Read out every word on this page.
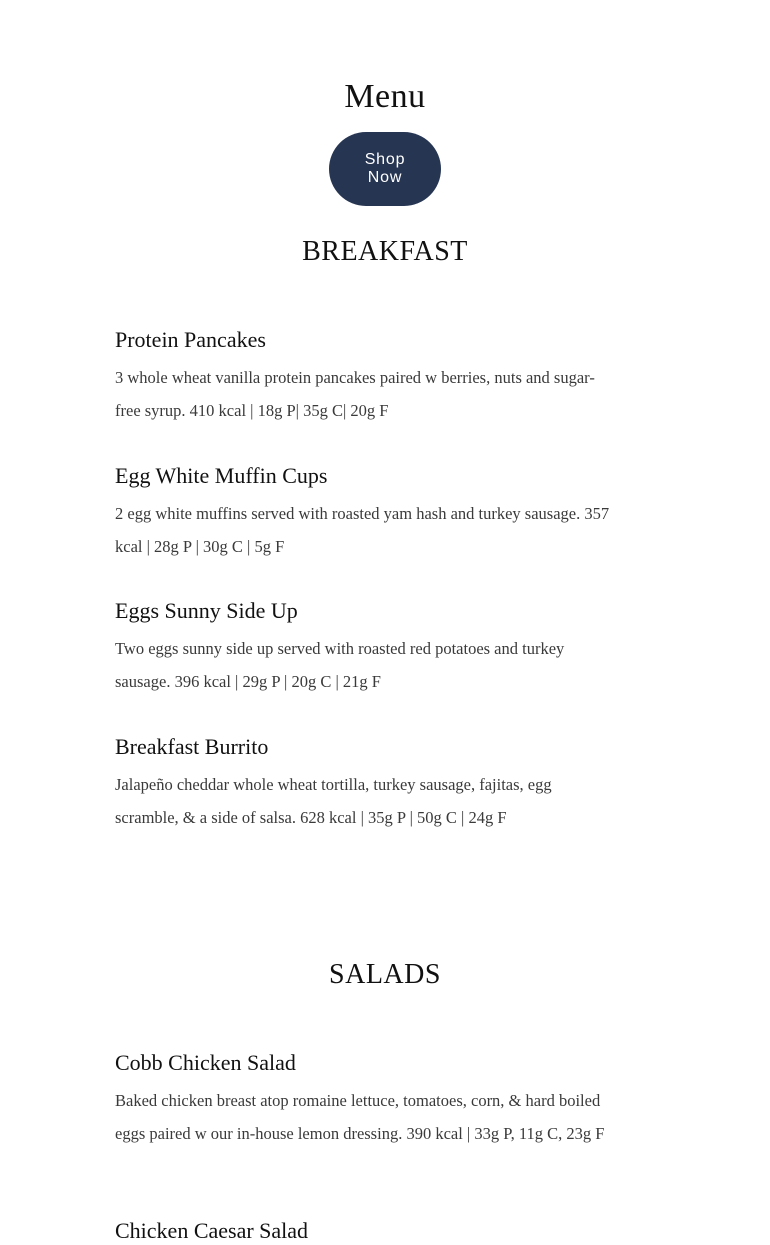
Menu
Shop Now
BREAKFAST
Protein Pancakes

3 whole wheat vanilla protein pancakes paired w berries, nuts and sugar-free syrup. 410 kcal | 18g P| 35g C| 20g F

Egg White Muffin Cups

2 egg white muffins served with roasted yam hash and turkey sausage. 357 kcal | 28g P | 30g C | 5g F

Eggs Sunny Side Up

Two eggs sunny side up served with roasted red potatoes and turkey sausage. 396 kcal | 29g P | 20g C | 21g F

Breakfast Burrito

Jalapeño cheddar whole wheat tortilla, turkey sausage, fajitas, egg scramble, & a side of salsa. 628 kcal | 35g P | 50g C | 24g F

SALADS
Cobb Chicken Salad

Baked chicken breast atop romaine lettuce, tomatoes, corn, & hard boiled eggs paired w our in-house lemon dressing. 390 kcal | 33g P, 11g C, 23g F

Chicken Caesar Salad
